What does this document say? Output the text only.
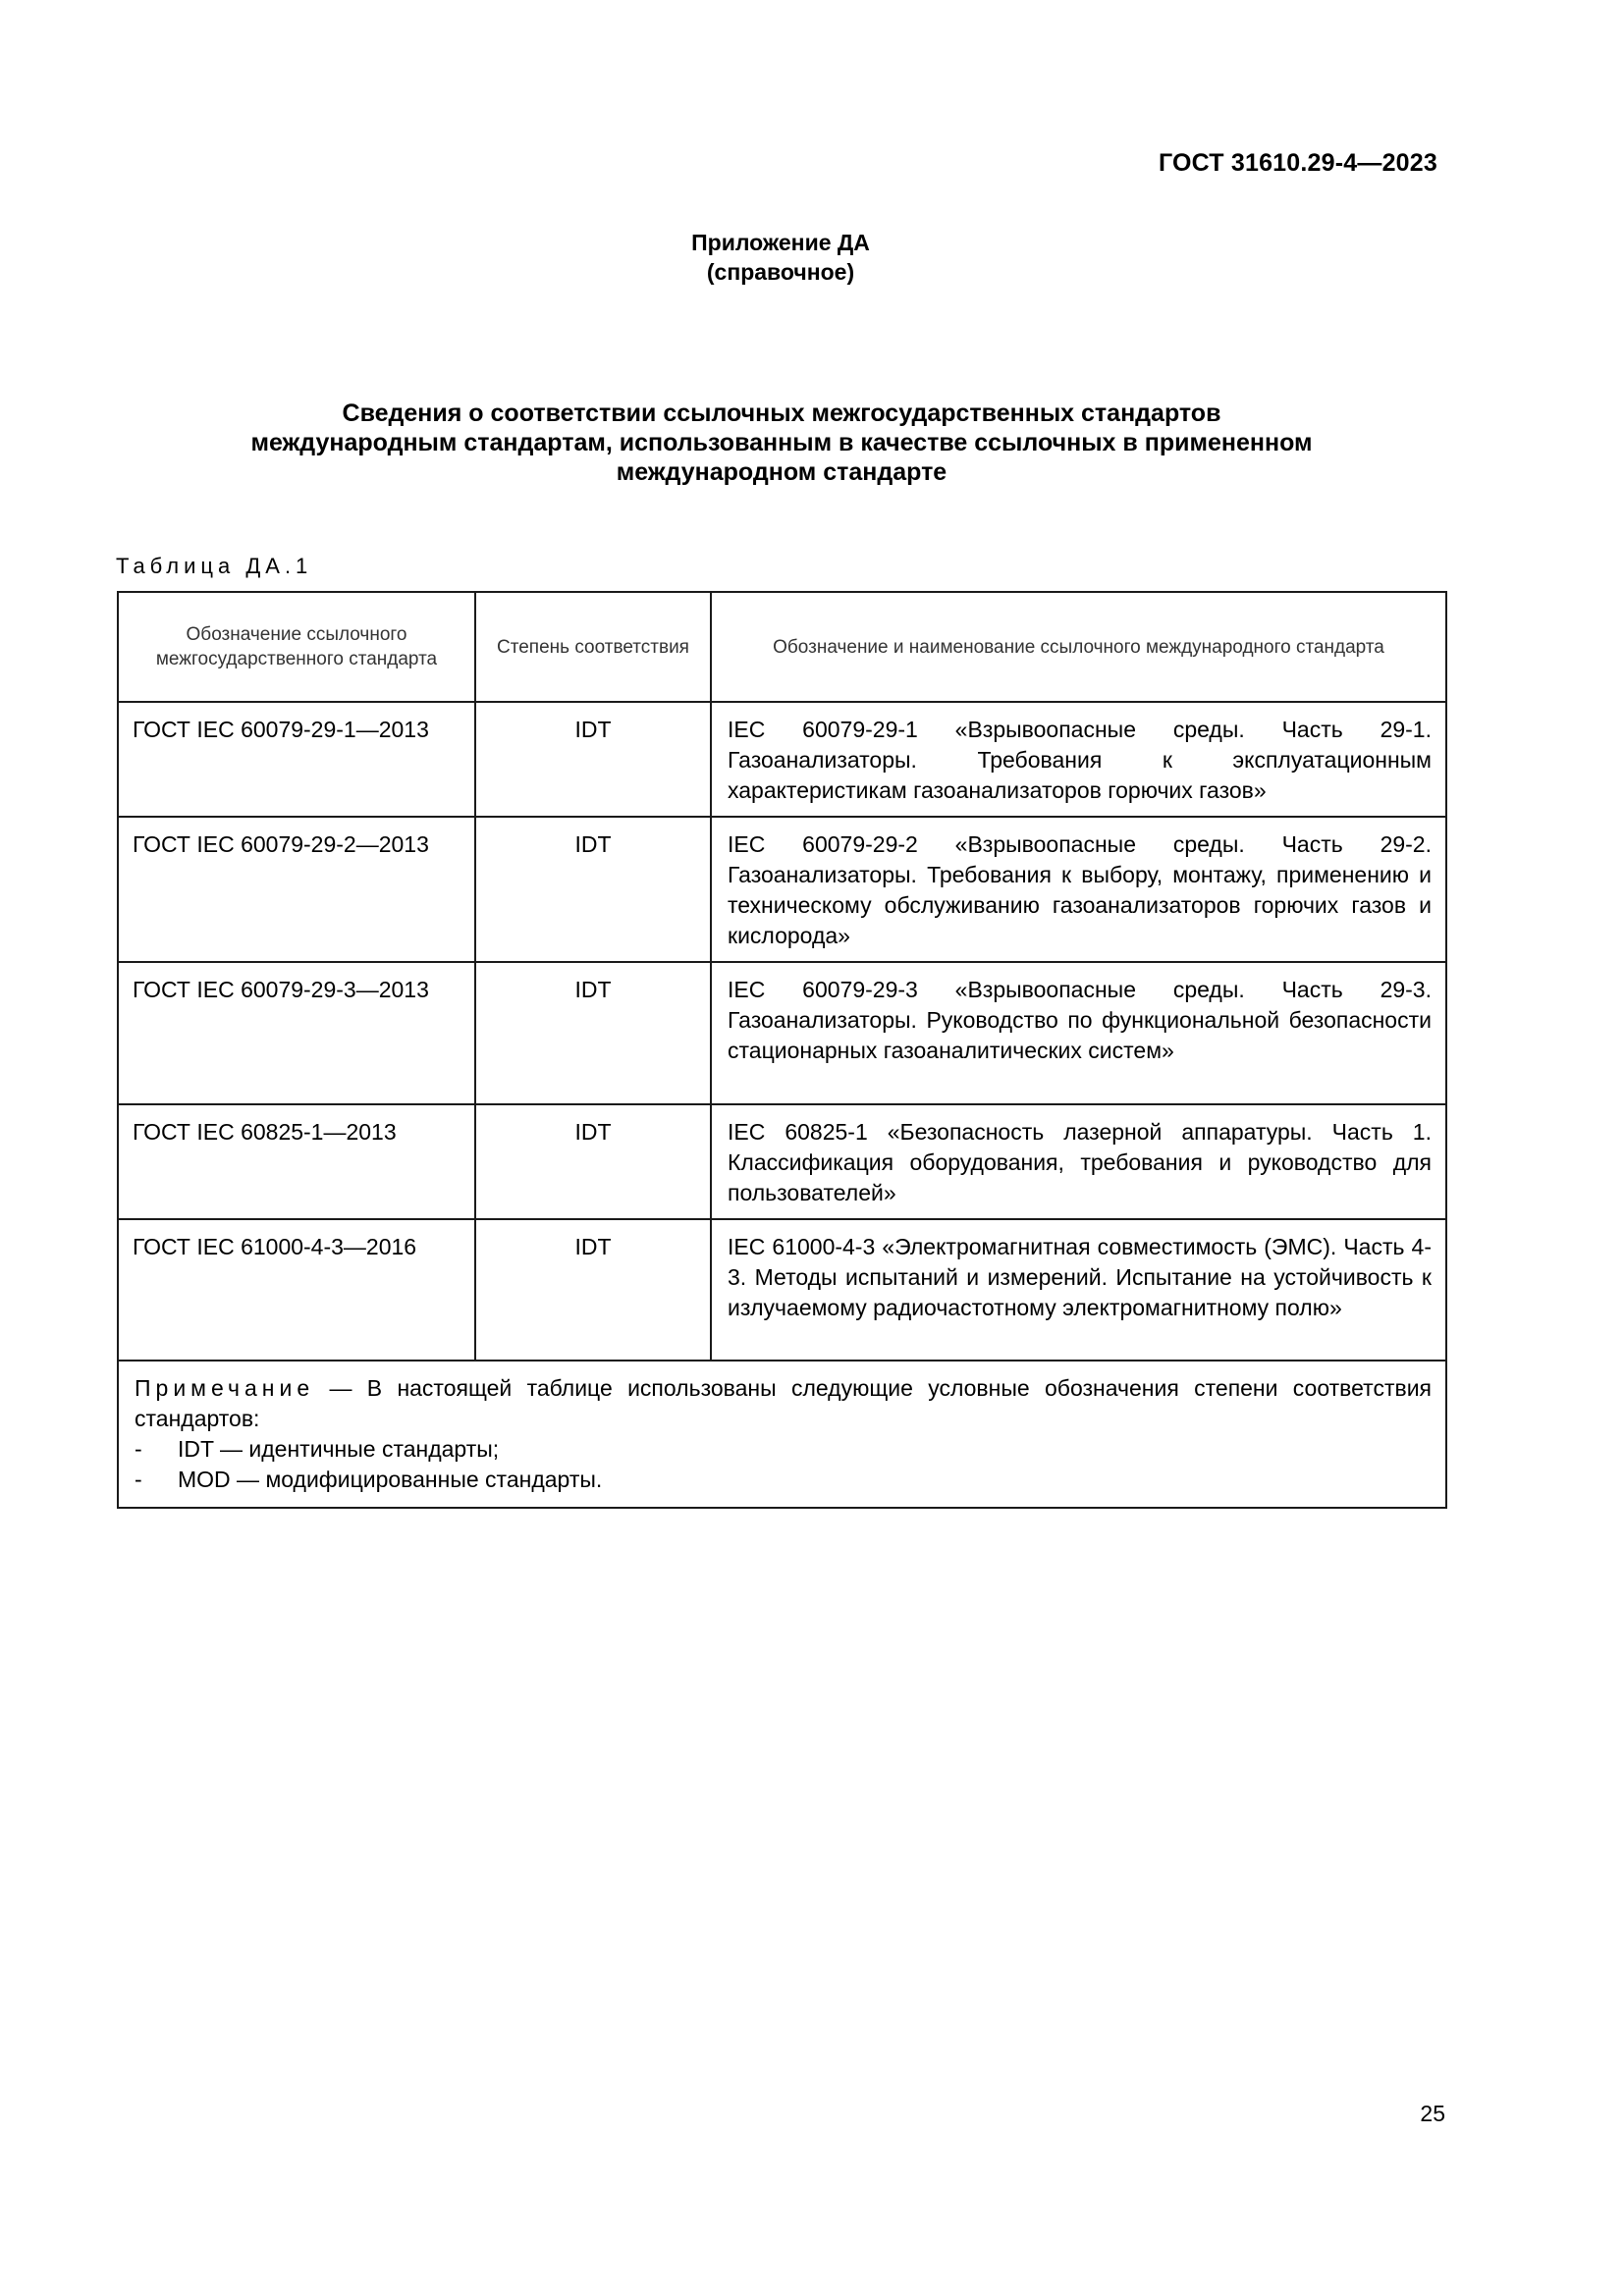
ГОСТ 31610.29-4—2023
Приложение ДА
(справочное)
Сведения о соответствии ссылочных межгосударственных стандартов
международным стандартам, использованным в качестве ссылочных в примененном
международном стандарте
Таблица ДА.1
Обозначение ссылочного межгосударственного стандарта	Степень соответствия	Обозначение и наименование ссылочного международного стандарта
ГОСТ IEC 60079-29-1—2013	IDT	IEC 60079-29-1 «Взрывоопасные среды. Часть 29-1. Газоанализаторы. Требования к эксплуатационным характеристикам газоанализаторов горючих газов»
ГОСТ IEC 60079-29-2—2013	IDT	IEC 60079-29-2 «Взрывоопасные среды. Часть 29-2. Газоанализаторы. Требования к выбору, монтажу, применению и техническому обслуживанию газоанализаторов горючих газов и кислорода»
ГОСТ IEC 60079-29-3—2013	IDT	IEC 60079-29-3 «Взрывоопасные среды. Часть 29-3. Газоанализаторы. Руководство по функциональной безопасности стационарных газоаналитических систем»
ГОСТ IEC 60825-1—2013	IDT	IEC 60825-1 «Безопасность лазерной аппаратуры. Часть 1. Классификация оборудования, требования и руководство для пользователей»
ГОСТ IEC 61000-4-3—2016	IDT	IEC 61000-4-3 «Электромагнитная совместимость (ЭМС). Часть 4-3. Методы испытаний и измерений. Испытание на устойчивость к излучаемому радиочастотному электромагнитному полю»

Примечание — В настоящей таблице использованы следующие условные обозначения степени соответствия стандартов:
- IDT — идентичные стандарты;
- MOD — модифицированные стандарты.		
25
